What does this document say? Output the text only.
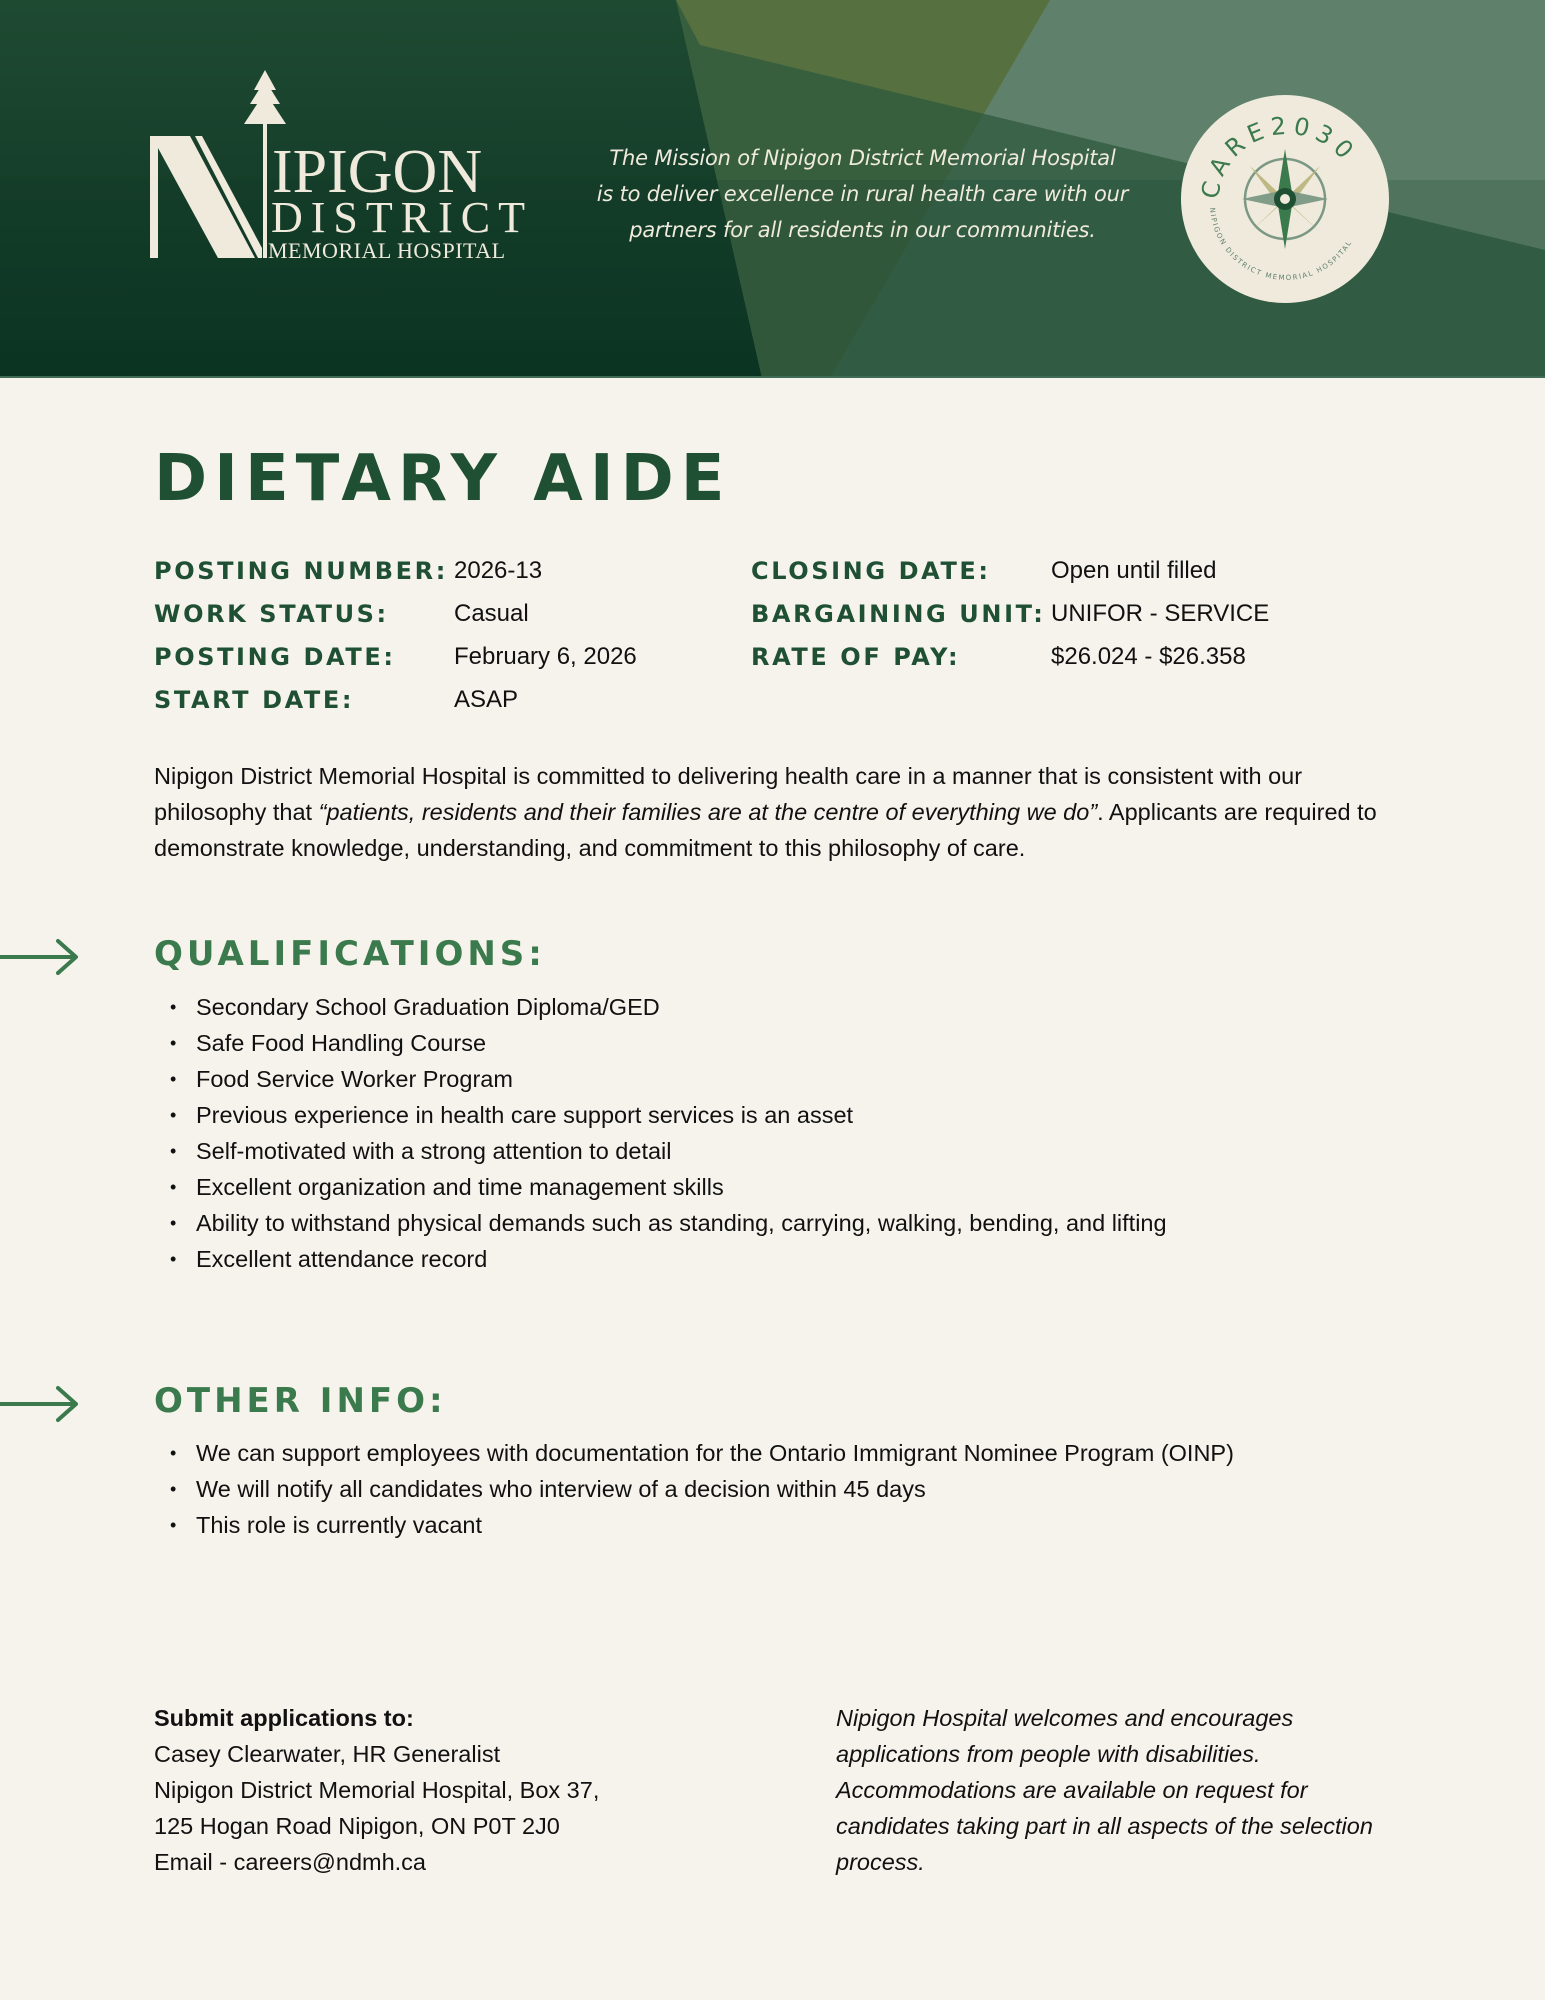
IPIGON
DISTRICT
MEMORIAL HOSPITAL
The Mission of Nipigon District Memorial Hospital
is to deliver excellence in rural health care with our
partners for all residents in our communities.
CARE2030
NIPIGON DISTRICT MEMORIAL HOSPITAL
DIETARY AIDE
POSTING NUMBER: 2026-13
WORK STATUS:	Casual
POSTING DATE: February 6, 2026
START DATE:	ASAP
CLOSING DATE:	Open until filled
BARGAINING UNIT: UNIFOR - SERVICE
RATE OF PAY:	$26.024 - $26.358

Nipigon District Memorial Hospital is committed to delivering health care in a manner that is consistent with our philosophy that “patients, residents and their families are at the centre of everything we do”. Applicants are required to demonstrate knowledge, understanding, and commitment to this philosophy of care.

QUALIFICATIONS:
• Secondary School Graduation Diploma/GED
• Safe Food Handling Course
• Food Service Worker Program
• Previous experience in health care support services is an asset
• Self-motivated with a strong attention to detail
• Excellent organization and time management skills
• Ability to withstand physical demands such as standing, carrying, walking, bending, and lifting
• Excellent attendance record
OTHER INFO:
• We can support employees with documentation for the Ontario Immigrant Nominee Program (OINP)
• We will notify all candidates who interview of a decision within 45 days
• This role is currently vacant
Submit applications to:
Casey Clearwater, HR Generalist
Nipigon District Memorial Hospital, Box 37,
125 Hogan Road Nipigon, ON P0T 2J0
Email - careers@ndmh.ca
Nipigon Hospital welcomes and encourages applications from people with disabilities. Accommodations are available on request for candidates taking part in all aspects of the selection process.
